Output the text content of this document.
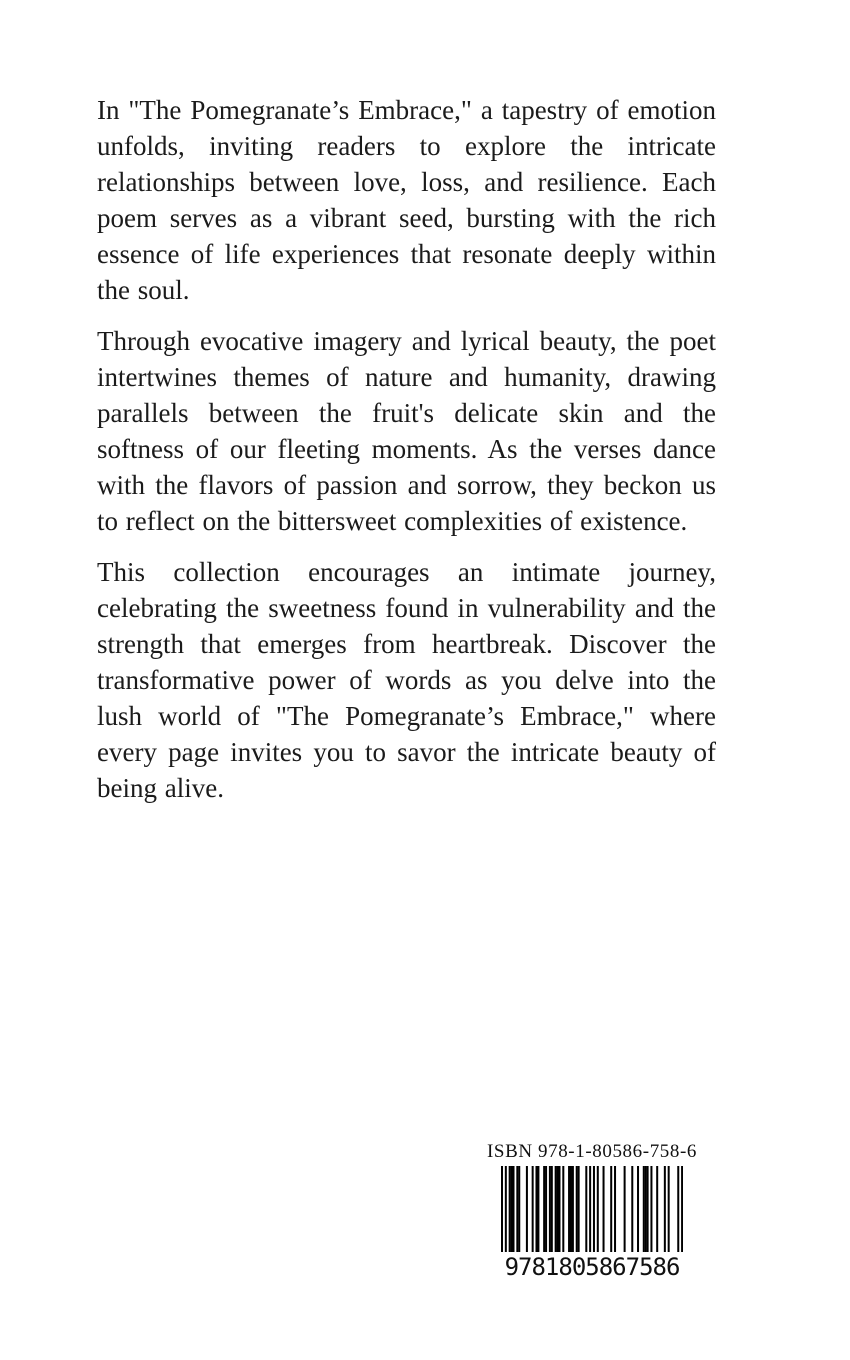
In "The Pomegranate’s Embrace," a tapestry of emotion unfolds, inviting readers to explore the intricate relationships between love, loss, and resilience. Each poem serves as a vibrant seed, bursting with the rich essence of life experiences that resonate deeply within the soul.

Through evocative imagery and lyrical beauty, the poet intertwines themes of nature and humanity, drawing parallels between the fruit's delicate skin and the softness of our fleeting moments. As the verses dance with the flavors of passion and sorrow, they beckon us to reflect on the bittersweet complexities of existence.

This collection encourages an intimate journey, celebrating the sweetness found in vulnerability and the strength that emerges from heartbreak. Discover the transformative power of words as you delve into the lush world of "The Pomegranate’s Embrace," where every page invites you to savor the intricate beauty of being alive.

ISBN 978-1-80586-758-6
9781805867586
